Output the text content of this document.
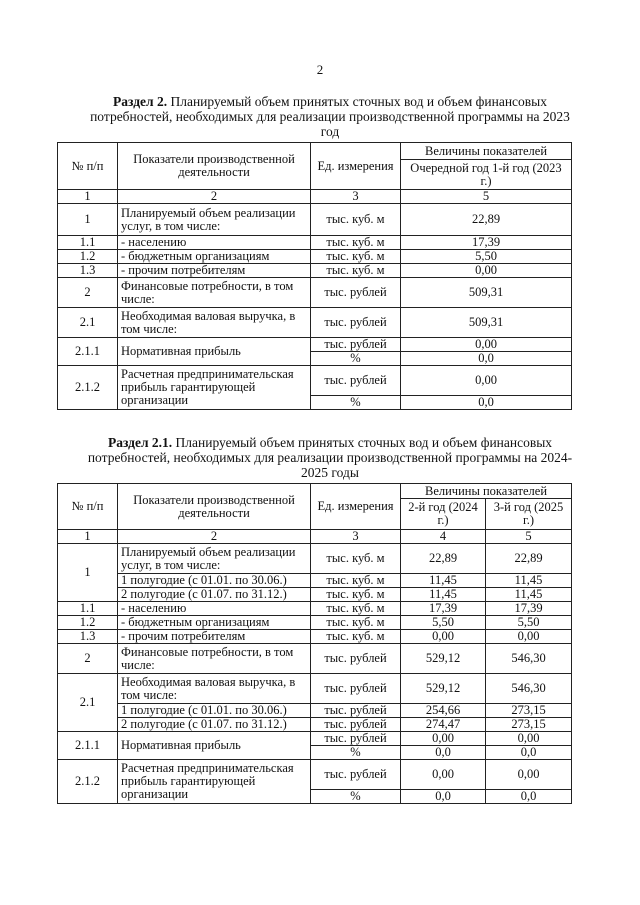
2
Раздел 2. Планируемый объем принятых сточных вод и объем финансовых потребностей, необходимых для реализации производственной программы на 2023 год
№ п/п	Показатели производственной деятельности	Ед. измерения	Величины показателей
			Очередной год 1-й год (2023 г.)
1	2	3	5
1	Планируемый объем реализации услуг, в том числе:	тыс. куб. м	22,89
1.1	- населению	тыс. куб. м	17,39
1.2	- бюджетным организациям	тыс. куб. м	5,50
1.3	- прочим потребителям	тыс. куб. м	0,00
2	Финансовые потребности, в том числе:	тыс. рублей	509,31
2.1	Необходимая валовая выручка, в том числе:	тыс. рублей	509,31
2.1.1	Нормативная прибыль	тыс. рублей	0,00
		%	0,0
2.1.2	Расчетная предпринимательская прибыль гарантирующей организации	тыс. рублей	0,00
		%	0,0
Раздел 2.1. Планируемый объем принятых сточных вод и объем финансовых потребностей, необходимых для реализации производственной программы на 2024-2025 годы
№ п/п	Показатели производственной деятельности	Ед. измерения	Величины показателей	
			2-й год (2024 г.)	3-й год (2025 г.)
1	2	3	4	5
1	Планируемый объем реализации услуг, в том числе:	тыс. куб. м	22,89	22,89
	1 полугодие (с 01.01. по 30.06.)	тыс. куб. м	11,45	11,45
	2 полугодие (с 01.07. по 31.12.)	тыс. куб. м	11,45	11,45
1.1	- населению	тыс. куб. м	17,39	17,39
1.2	- бюджетным организациям	тыс. куб. м	5,50	5,50
1.3	- прочим потребителям	тыс. куб. м	0,00	0,00
2	Финансовые потребности, в том числе:	тыс. рублей	529,12	546,30
2.1	Необходимая валовая выручка, в том числе:	тыс. рублей	529,12	546,30
	1 полугодие (с 01.01. по 30.06.)	тыс. рублей	254,66	273,15
	2 полугодие (с 01.07. по 31.12.)	тыс. рублей	274,47	273,15
2.1.1	Нормативная прибыль	тыс. рублей	0,00	0,00
		%	0,0	0,0
2.1.2	Расчетная предпринимательская прибыль гарантирующей организации	тыс. рублей	0,00	0,00
		%	0,0	0,0
